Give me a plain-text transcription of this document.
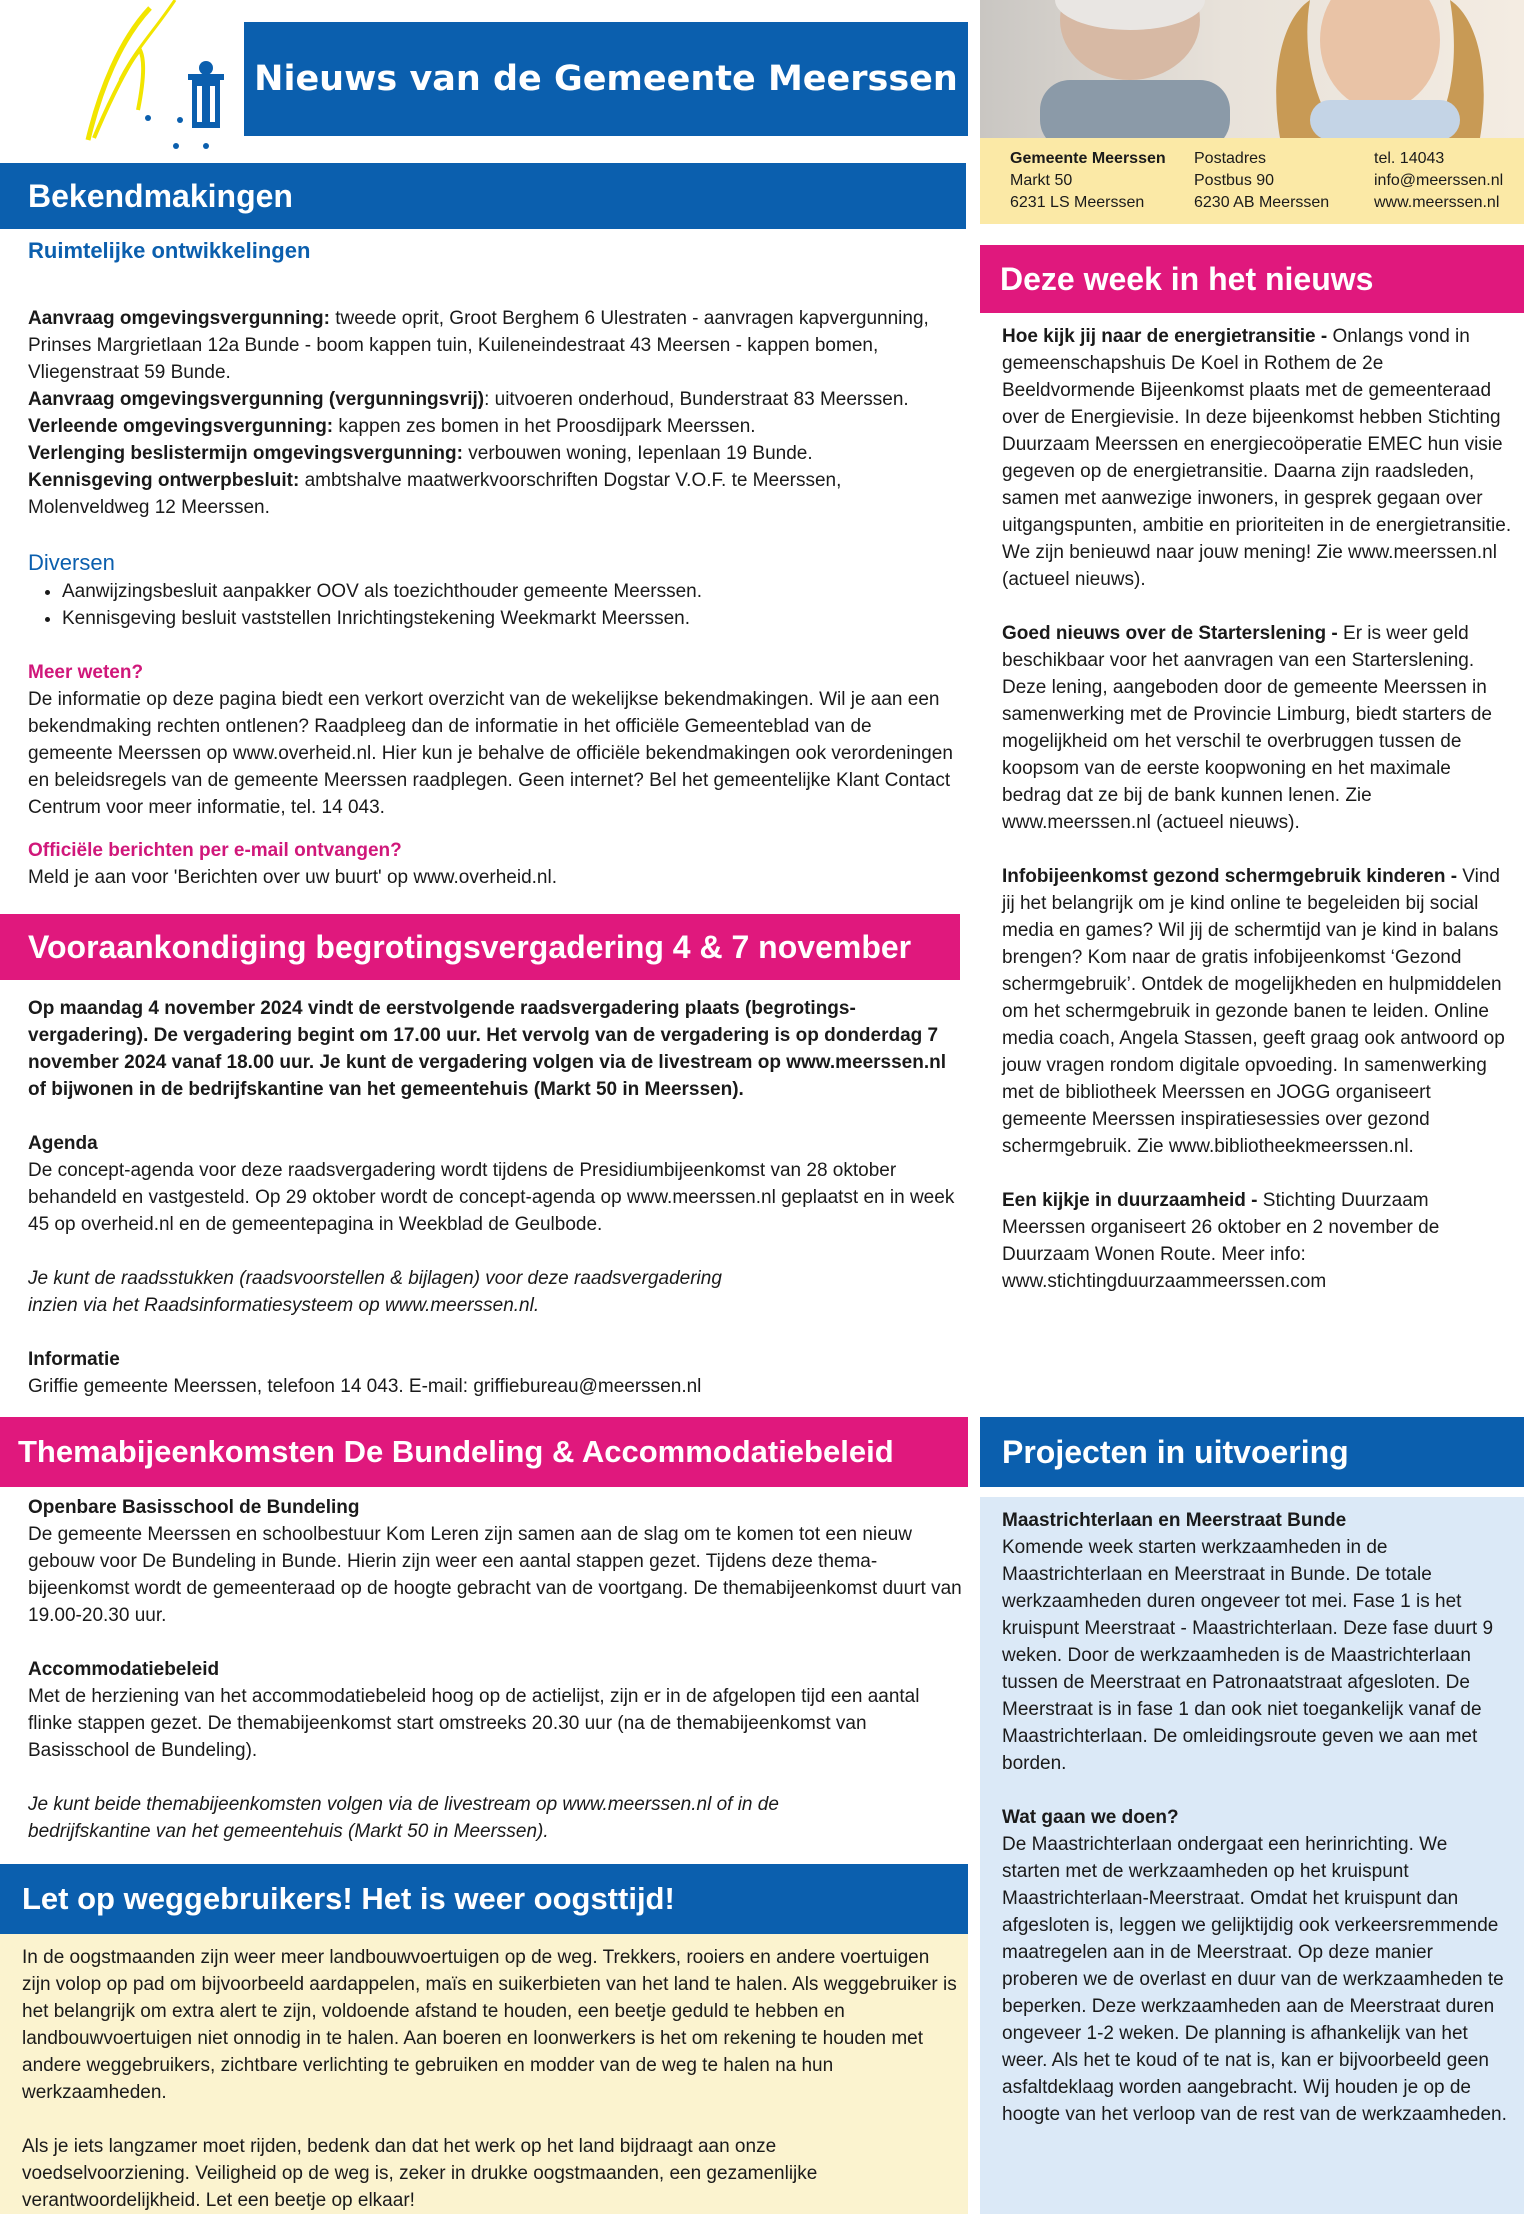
Nieuws van de Gemeente Meerssen
Gemeente Meerssen
Markt 50
6231 LS Meerssen
Postadres
Postbus 90
6230 AB Meerssen
tel. 14043
info@meerssen.nl
www.meerssen.nl
Bekendmakingen
Ruimtelijke ontwikkelingen

Aanvraag omgevingsvergunning: tweede oprit, Groot Berghem 6 Ulestraten - aanvragen kapvergunning, Prinses Margrietlaan 12a Bunde - boom kappen tuin, Kuileneindestraat 43 Meersen - kappen bomen, Vliegenstraat 59 Bunde.

Aanvraag omgevingsvergunning (vergunningsvrij): uitvoeren onderhoud, Bunderstraat 83 Meerssen.

Verleende omgevingsvergunning: kappen zes bomen in het Proosdijpark Meerssen.

Verlenging beslistermijn omgevingsvergunning: verbouwen woning, Iepenlaan 19 Bunde.

Kennisgeving ontwerpbesluit: ambtshalve maatwerkvoorschriften Dogstar V.O.F. te Meerssen, Molenveldweg 12 Meerssen.

Diversen
• Aanwijzingsbesluit aanpakker OOV als toezichthouder gemeente Meerssen.
• Kennisgeving besluit vaststellen Inrichtingstekening Weekmarkt Meerssen.
Meer weten?

De informatie op deze pagina biedt een verkort overzicht van de wekelijkse bekendmakingen. Wil je aan een bekendmaking rechten ontlenen? Raadpleeg dan de informatie in het officiële Gemeenteblad van de gemeente Meerssen op www.overheid.nl. Hier kun je behalve de officiële bekendmakingen ook verordeningen en beleidsregels van de gemeente Meerssen raadplegen. Geen internet? Bel het gemeentelijke Klant Contact Centrum voor meer informatie, tel. 14 043.

Officiële berichten per e-mail ontvangen?

Meld je aan voor 'Berichten over uw buurt' op www.overheid.nl.

Vooraankondiging begrotingsvergadering 4 & 7 november

Op maandag 4 november 2024 vindt de eerstvolgende raadsvergadering plaats (begrotings-vergadering). De vergadering begint om 17.00 uur. Het vervolg van de vergadering is op donderdag 7 november 2024 vanaf 18.00 uur. Je kunt de vergadering volgen via de livestream op www.meerssen.nl of bijwonen in de bedrijfskantine van het gemeentehuis (Markt 50 in Meerssen).

Agenda

De concept-agenda voor deze raadsvergadering wordt tijdens de Presidiumbijeenkomst van 28 oktober behandeld en vastgesteld. Op 29 oktober wordt de concept-agenda op www.meerssen.nl geplaatst en in week 45 op overheid.nl en de gemeentepagina in Weekblad de Geulbode.

Je kunt de raadsstukken (raadsvoorstellen & bijlagen) voor deze raadsvergadering inzien via het Raadsinformatiesysteem op www.meerssen.nl.

Informatie

Griffie gemeente Meerssen, telefoon 14 043. E-mail: griffiebureau@meerssen.nl

Themabijeenkomsten De Bundeling & Accommodatiebeleid
Openbare Basisschool de Bundeling

De gemeente Meerssen en schoolbestuur Kom Leren zijn samen aan de slag om te komen tot een nieuw gebouw voor De Bundeling in Bunde. Hierin zijn weer een aantal stappen gezet. Tijdens deze thema-bijeenkomst wordt de gemeenteraad op de hoogte gebracht van de voortgang. De themabijeenkomst duurt van 19.00-20.30 uur.

Accommodatiebeleid

Met de herziening van het accommodatiebeleid hoog op de actielijst, zijn er in de afgelopen tijd een aantal flinke stappen gezet. De themabijeenkomst start omstreeks 20.30 uur (na de themabijeenkomst van Basisschool de Bundeling).

Je kunt beide themabijeenkomsten volgen via de livestream op www.meerssen.nl of in de bedrijfskantine van het gemeentehuis (Markt 50 in Meerssen).

Let op weggebruikers! Het is weer oogsttijd!

In de oogstmaanden zijn weer meer landbouwvoertuigen op de weg. Trekkers, rooiers en andere voertuigen zijn volop op pad om bijvoorbeeld aardappelen, maïs en suikerbieten van het land te halen. Als weggebruiker is het belangrijk om extra alert te zijn, voldoende afstand te houden, een beetje geduld te hebben en landbouwvoertuigen niet onnodig in te halen. Aan boeren en loonwerkers is het om rekening te houden met andere weggebruikers, zichtbare verlichting te gebruiken en modder van de weg te halen na hun werkzaamheden.

Als je iets langzamer moet rijden, bedenk dan dat het werk op het land bijdraagt aan onze voedselvoorziening. Veiligheid op de weg is, zeker in drukke oogstmaanden, een gezamenlijke verantwoordelijkheid. Let een beetje op elkaar!

Deze week in het nieuws

Hoe kijk jij naar de energietransitie - Onlangs vond in gemeenschapshuis De Koel in Rothem de 2e Beeldvormende Bijeenkomst plaats met de gemeenteraad over de Energievisie. In deze bijeenkomst hebben Stichting Duurzaam Meerssen en energiecoöperatie EMEC hun visie gegeven op de energietransitie. Daarna zijn raadsleden, samen met aanwezige inwoners, in gesprek gegaan over uitgangspunten, ambitie en prioriteiten in de energietransitie. We zijn benieuwd naar jouw mening! Zie www.meerssen.nl (actueel nieuws).

Goed nieuws over de Starterslening - Er is weer geld beschikbaar voor het aanvragen van een Starterslening. Deze lening, aangeboden door de gemeente Meerssen in samenwerking met de Provincie Limburg, biedt starters de mogelijkheid om het verschil te overbruggen tussen de koopsom van de eerste koopwoning en het maximale bedrag dat ze bij de bank kunnen lenen. Zie www.meerssen.nl (actueel nieuws).

Infobijeenkomst gezond schermgebruik kinderen - Vind jij het belangrijk om je kind online te begeleiden bij social media en games? Wil jij de schermtijd van je kind in balans brengen? Kom naar de gratis infobijeenkomst ‘Gezond schermgebruik’. Ontdek de mogelijkheden en hulpmiddelen om het schermgebruik in gezonde banen te leiden. Online media coach, Angela Stassen, geeft graag ook antwoord op jouw vragen rondom digitale opvoeding. In samenwerking met de bibliotheek Meerssen en JOGG organiseert gemeente Meerssen inspiratiesessies over gezond schermgebruik. Zie www.bibliotheekmeerssen.nl.

Een kijkje in duurzaamheid - Stichting Duurzaam Meerssen organiseert 26 oktober en 2 november de Duurzaam Wonen Route. Meer info: www.stichtingduurzaammeerssen.com

Projecten in uitvoering
Maastrichterlaan en Meerstraat Bunde

Komende week starten werkzaamheden in de Maastrichterlaan en Meerstraat in Bunde. De totale werkzaamheden duren ongeveer tot mei. Fase 1 is het kruispunt Meerstraat - Maastrichterlaan. Deze fase duurt 9 weken. Door de werkzaamheden is de Maastrichterlaan tussen de Meerstraat en Patronaatstraat afgesloten. De Meerstraat is in fase 1 dan ook niet toegankelijk vanaf de Maastrichterlaan. De omleidingsroute geven we aan met borden.

Wat gaan we doen?

De Maastrichterlaan ondergaat een herinrichting. We starten met de werkzaamheden op het kruispunt Maastrichterlaan-Meerstraat. Omdat het kruispunt dan afgesloten is, leggen we gelijktijdig ook verkeersremmende maatregelen aan in de Meerstraat. Op deze manier proberen we de overlast en duur van de werkzaamheden te beperken. Deze werkzaamheden aan de Meerstraat duren ongeveer 1-2 weken. De planning is afhankelijk van het weer. Als het te koud of te nat is, kan er bijvoorbeeld geen asfaltdeklaag worden aangebracht. Wij houden je op de hoogte van het verloop van de rest van de werkzaamheden.
